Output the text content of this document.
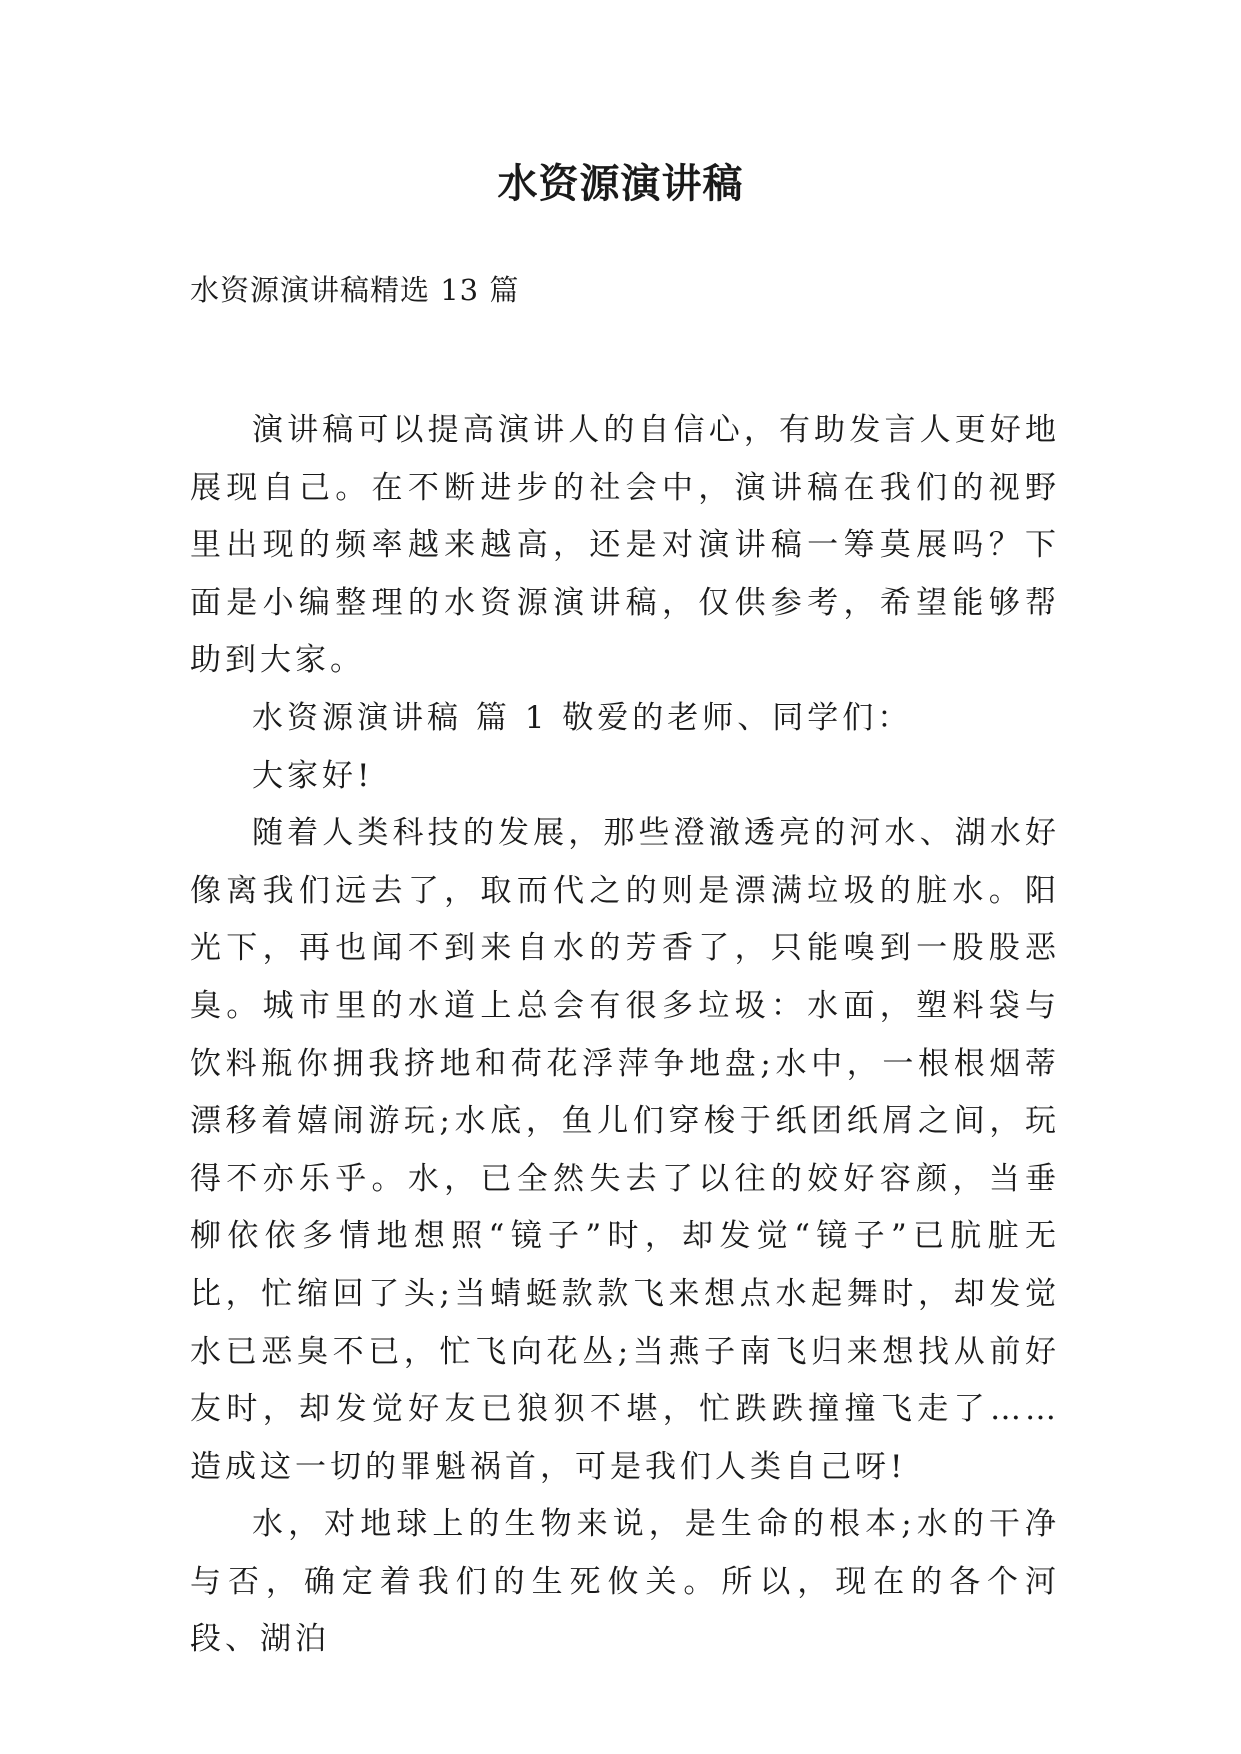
水资源演讲稿

水资源演讲稿精选 13 篇

演讲稿可以提高演讲人的自信心，有助发言人更好地展现自己。在不断进步的社会中，演讲稿在我们的视野里出现的频率越来越高，还是对演讲稿一筹莫展吗？下面是小编整理的水资源演讲稿，仅供参考，希望能够帮助到大家。

水资源演讲稿 篇 1 敬爱的老师、同学们：

大家好!

随着人类科技的发展，那些澄澈透亮的河水、湖水好像离我们远去了，取而代之的则是漂满垃圾的脏水。阳光下，再也闻不到来自水的芳香了，只能嗅到一股股恶臭。城市里的水道上总会有很多垃圾：水面，塑料袋与饮料瓶你拥我挤地和荷花浮萍争地盘;水中，一根根烟蒂漂移着嬉闹游玩;水底，鱼儿们穿梭于纸团纸屑之间，玩得不亦乐乎。水，已全然失去了以往的姣好容颜，当垂柳依依多情地想照“镜子”时，却发觉“镜子”已肮脏无比，忙缩回了头;当蜻蜓款款飞来想点水起舞时，却发觉水已恶臭不已，忙飞向花丛;当燕子南飞归来想找从前好友时，却发觉好友已狼狈不堪，忙跌跌撞撞飞走了……造成这一切的罪魁祸首，可是我们人类自己呀!

水，对地球上的生物来说，是生命的根本;水的干净与否，确定着我们的生死攸关。所以，现在的各个河段、湖泊
